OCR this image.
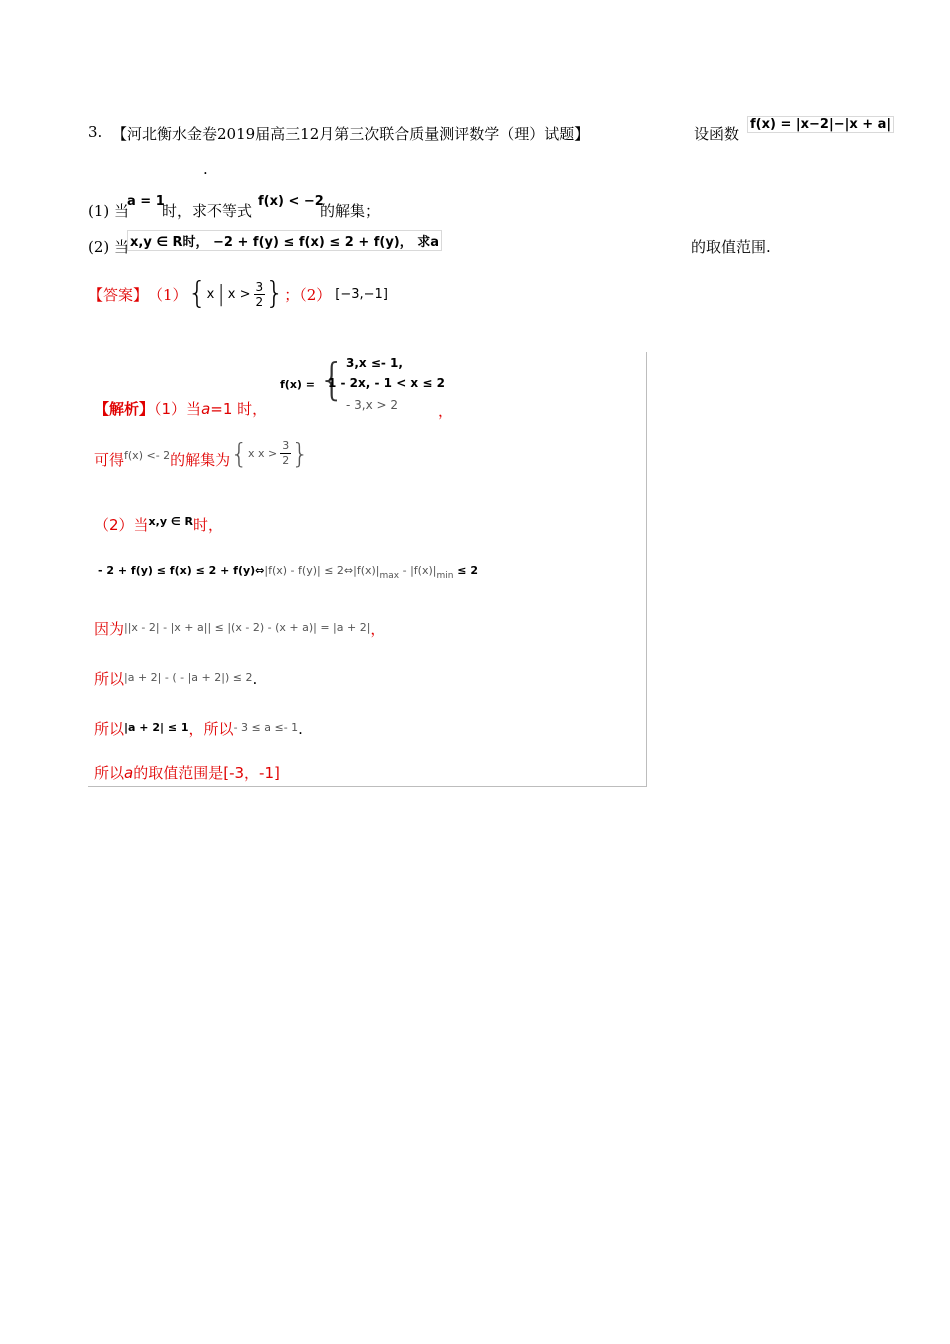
3. 【河北衡水金卷2019届高三12月第三次联合质量测评数学（理）试题】	设函数
f(x) = |x−2|−|x + a|
.
(1) 当
a = 1
时，求不等式
f(x) < −2
的解集；
(2) 当 x,y ∈ R时， −2 + f(y) ≤ f(x) ≤ 2 + f(y)， 求a	的取值范围.
【答案】 （1） { x | $x > \frac{3}{2}$ } ；（2） [−3,−1]
f(x) = { 3,x ≤- 1,
1 - 2x, - 1 < x ≤ 2
- 3,x > 2
【解析】（1）当a=1 时，	，
可得 f(x) <- 2 的解集为 { x $x > \frac{3}{2}$ }
（2）当$^{x,y \in R}$时，
- 2 + f(y) ≤ f(x) ≤ 2 + f(y)⇔|f(x) - $f(y)| \le 2\Leftrightarrow|f(x)|_{max} - |f(x)|_{min} \le 2$
因为$^{||x - 2| - |x + a|| \le |(x - 2) - (x + a)| = |a + 2|}$，
所以$^{|a + 2| - ( - |a + 2|) \le 2}$.
所以$^{|a + 2| \le 1}$，所以$^{- 3 \le a \le- 1}$.
所以a的取值范围是[-3，-1]
